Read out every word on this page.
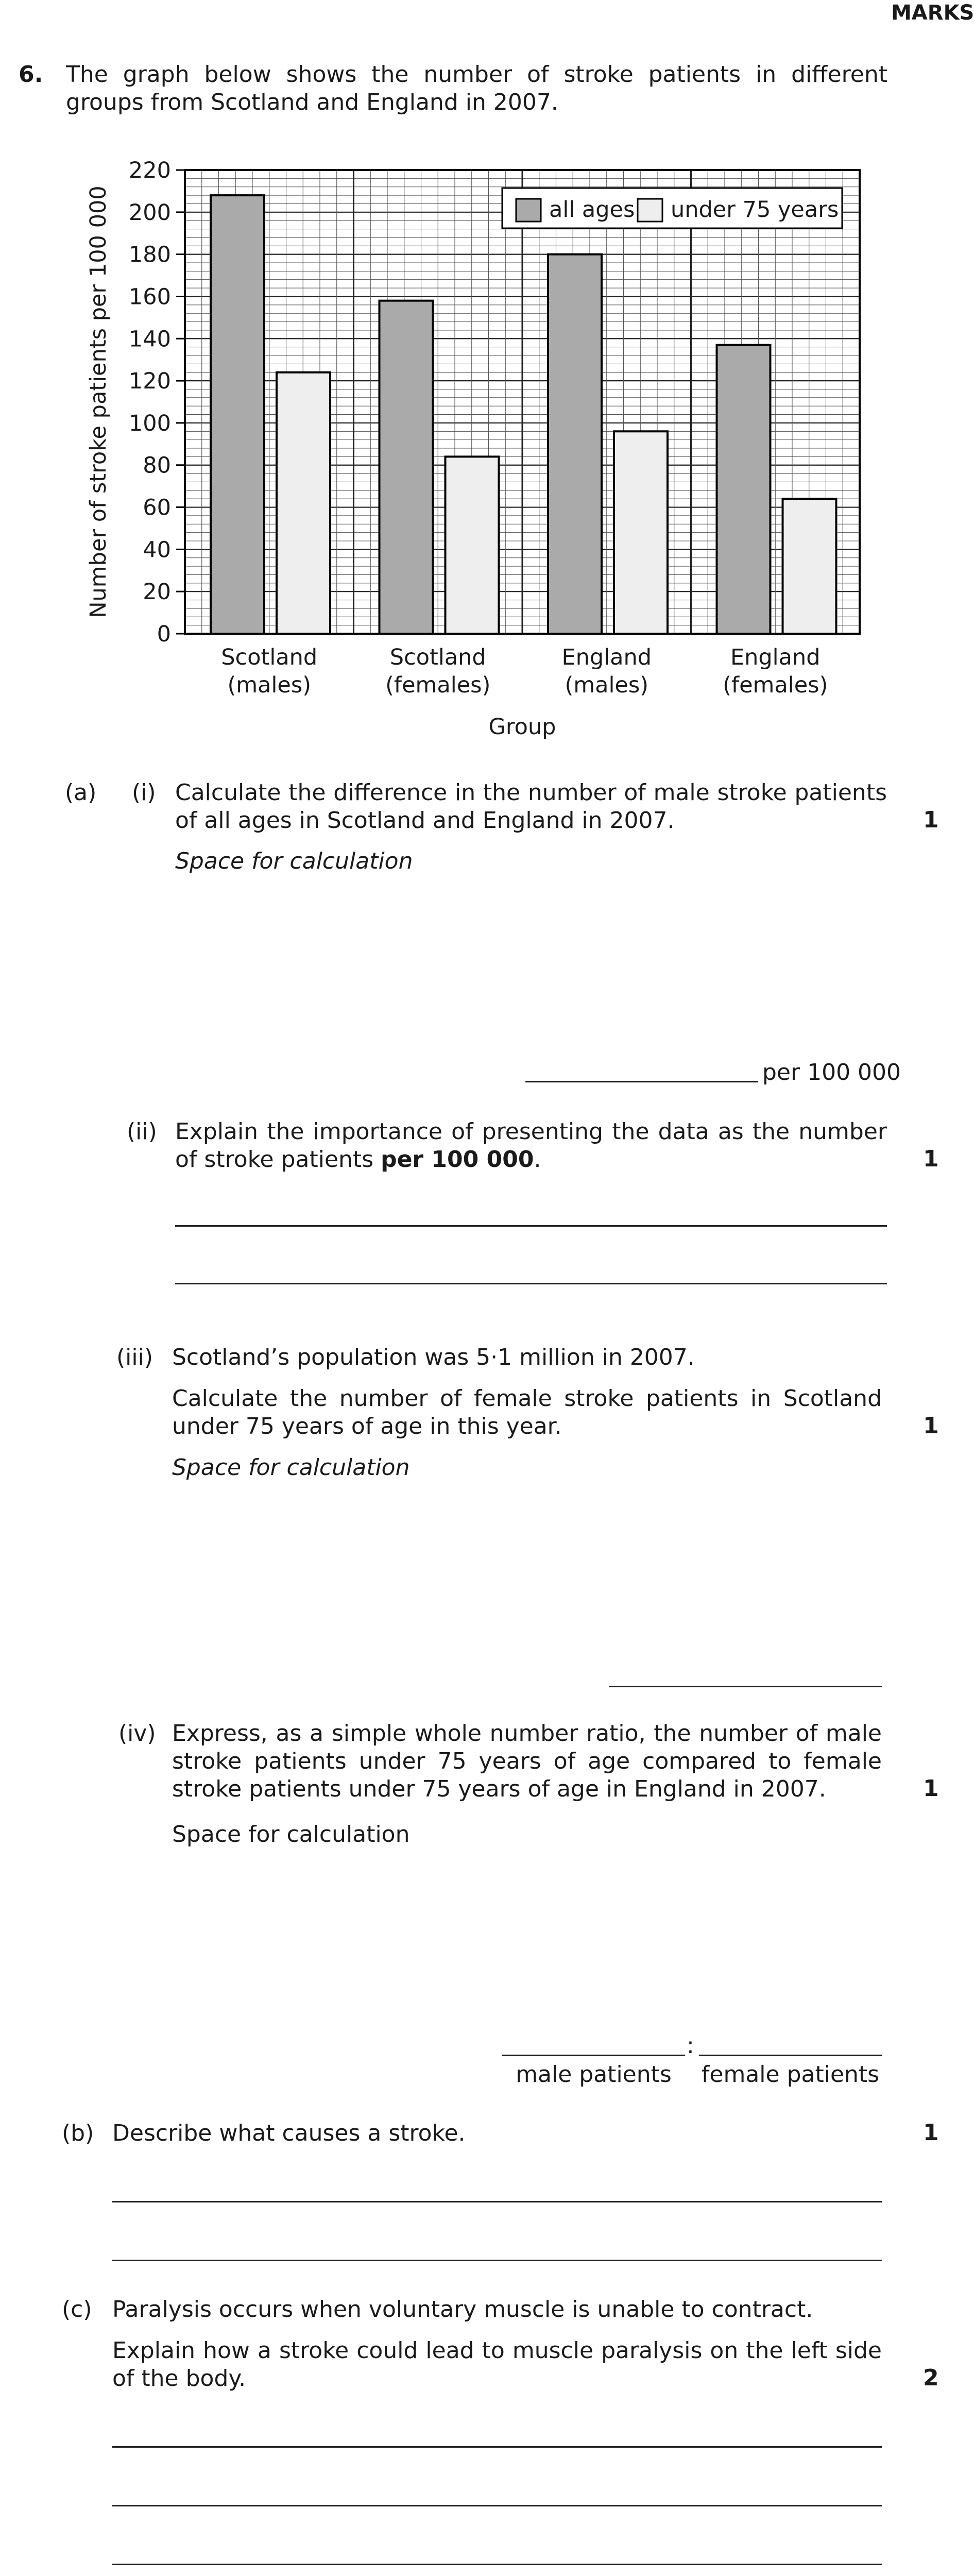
MARKS
6. The graph below shows the number of stroke patients in different groups from Scotland and England in 2007.
0
20
40
60
80
100
120
140
160
180
200
220
Scotland
(males)
Scotland
(females)
England
(males)
England
(females)
Number of stroke patients per 100 000
Group
all ages under 75 years
(a) (i) Calculate the difference in the number of male stroke patients of all ages in Scotland and England in 2007.	1
Space for calculation
per 100 000
(ii) Explain the importance of presenting the data as the number of stroke patients per 100 000.	1
(iii) Scotland’s population was 5·1 million in 2007.
Calculate the number of female stroke patients in Scotland under 75 years of age in this year.	1
Space for calculation
(iv) Express, as a simple whole number ratio, the number of male stroke patients under 75 years of age compared to female stroke patients under 75 years of age in England in 2007.	1
Space for calculation
:
male patients	female patients
(b) Describe what causes a stroke.	1
(c) Paralysis occurs when voluntary muscle is unable to contract.
Explain how a stroke could lead to muscle paralysis on the left side of the body.	2
